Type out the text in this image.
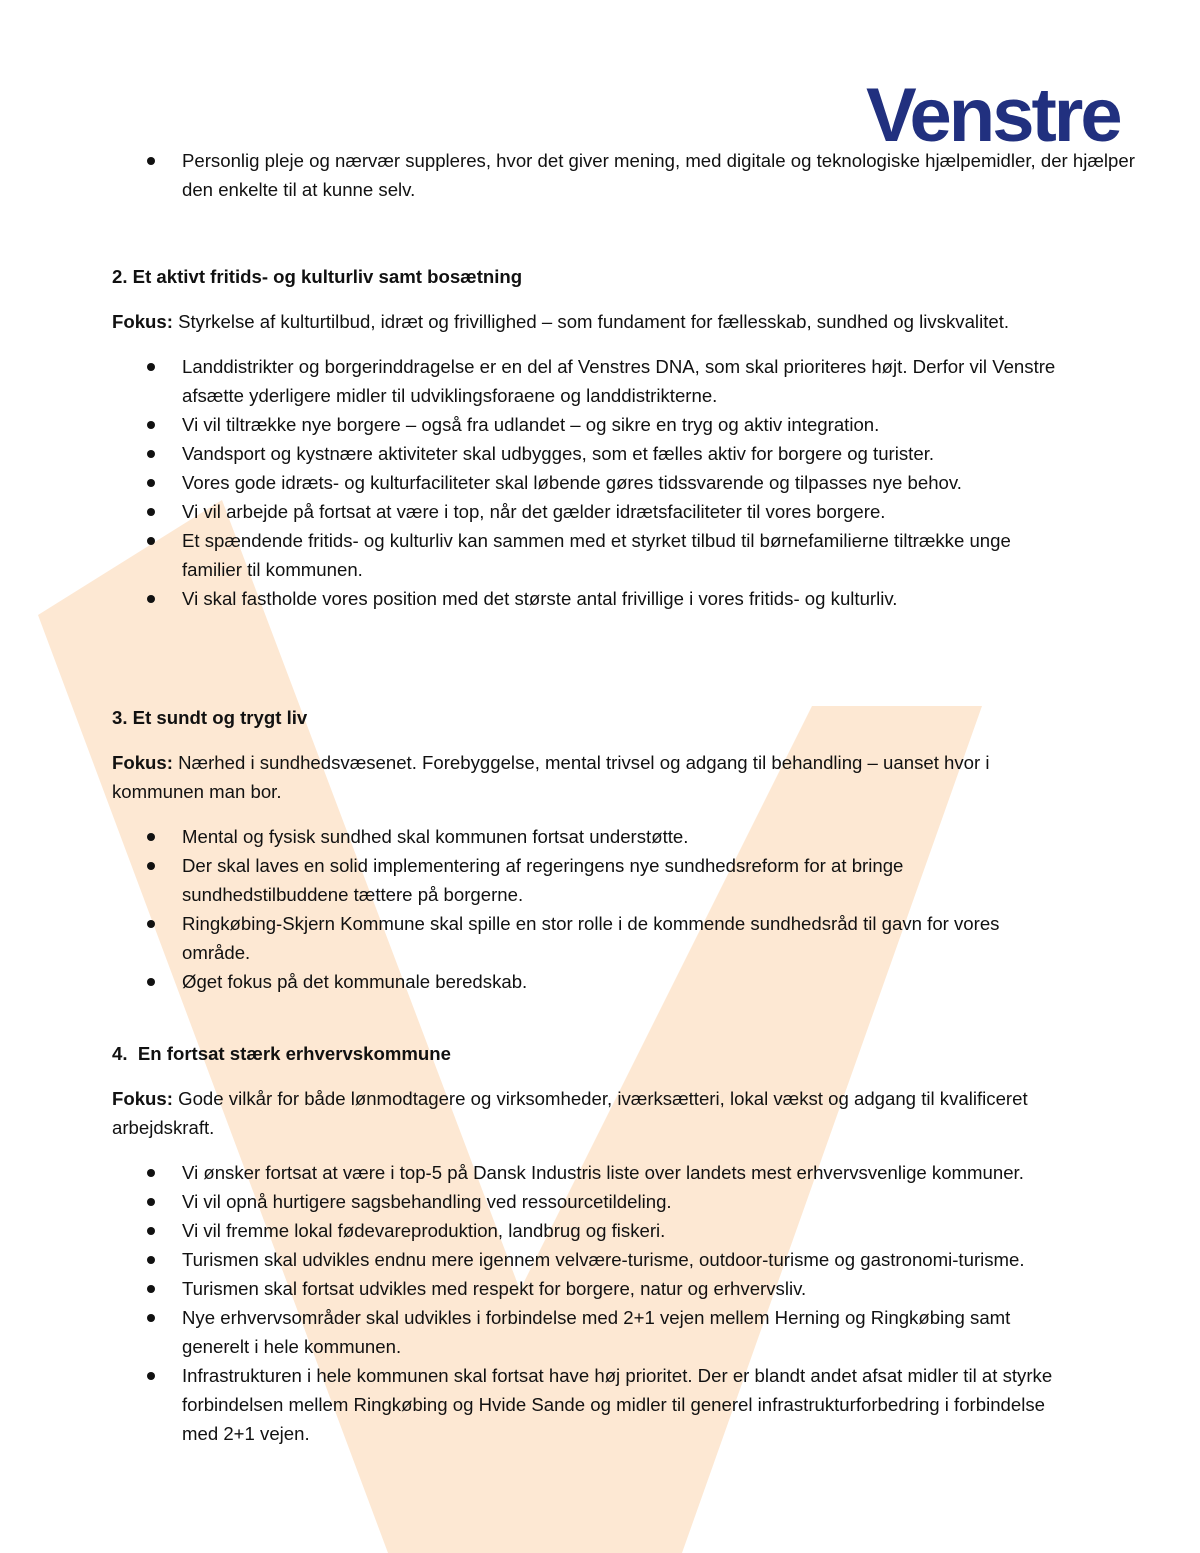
Venstre
Personlig pleje og nærvær suppleres, hvor det giver mening, med digitale og teknologiske hjælpemidler, der hjælper den enkelte til at kunne selv.

2. Et aktivt fritids- og kulturliv samt bosætning

Fokus: Styrkelse af kulturtilbud, idræt og frivillighed – som fundament for fællesskab, sundhed og livskvalitet.

Landdistrikter og borgerinddragelse er en del af Venstres DNA, som skal prioriteres højt. Derfor vil Venstre afsætte yderligere midler til udviklingsforaene og landdistrikterne.
Vi vil tiltrække nye borgere – også fra udlandet – og sikre en tryg og aktiv integration.
Vandsport og kystnære aktiviteter skal udbygges, som et fælles aktiv for borgere og turister.
Vores gode idræts- og kulturfaciliteter skal løbende gøres tidssvarende og tilpasses nye behov.
Vi vil arbejde på fortsat at være i top, når det gælder idrætsfaciliteter til vores borgere.
Et spændende fritids- og kulturliv kan sammen med et styrket tilbud til børnefamilierne tiltrække unge familier til kommunen.
Vi skal fastholde vores position med det største antal frivillige i vores fritids- og kulturliv.

3. Et sundt og trygt liv

Fokus: Nærhed i sundhedsvæsenet. Forebyggelse, mental trivsel og adgang til behandling – uanset hvor i kommunen man bor.

Mental og fysisk sundhed skal kommunen fortsat understøtte.
Der skal laves en solid implementering af regeringens nye sundhedsreform for at bringe sundhedstilbuddene tættere på borgerne.
Ringkøbing-Skjern Kommune skal spille en stor rolle i de kommende sundhedsråd til gavn for vores område.
Øget fokus på det kommunale beredskab.

4.  En fortsat stærk erhvervskommune

Fokus: Gode vilkår for både lønmodtagere og virksomheder, iværksætteri, lokal vækst og adgang til kvalificeret arbejdskraft.

Vi ønsker fortsat at være i top-5 på Dansk Industris liste over landets mest erhvervsvenlige kommuner.
Vi vil opnå hurtigere sagsbehandling ved ressourcetildeling.
Vi vil fremme lokal fødevareproduktion, landbrug og fiskeri.
Turismen skal udvikles endnu mere igennem velvære-turisme, outdoor-turisme og gastronomi-turisme.
Turismen skal fortsat udvikles med respekt for borgere, natur og erhvervsliv.
Nye erhvervsområder skal udvikles i forbindelse med 2+1 vejen mellem Herning og Ringkøbing samt generelt i hele kommunen.
Infrastrukturen i hele kommunen skal fortsat have høj prioritet. Der er blandt andet afsat midler til at styrke forbindelsen mellem Ringkøbing og Hvide Sande og midler til generel infrastrukturforbedring i forbindelse med 2+1 vejen.
